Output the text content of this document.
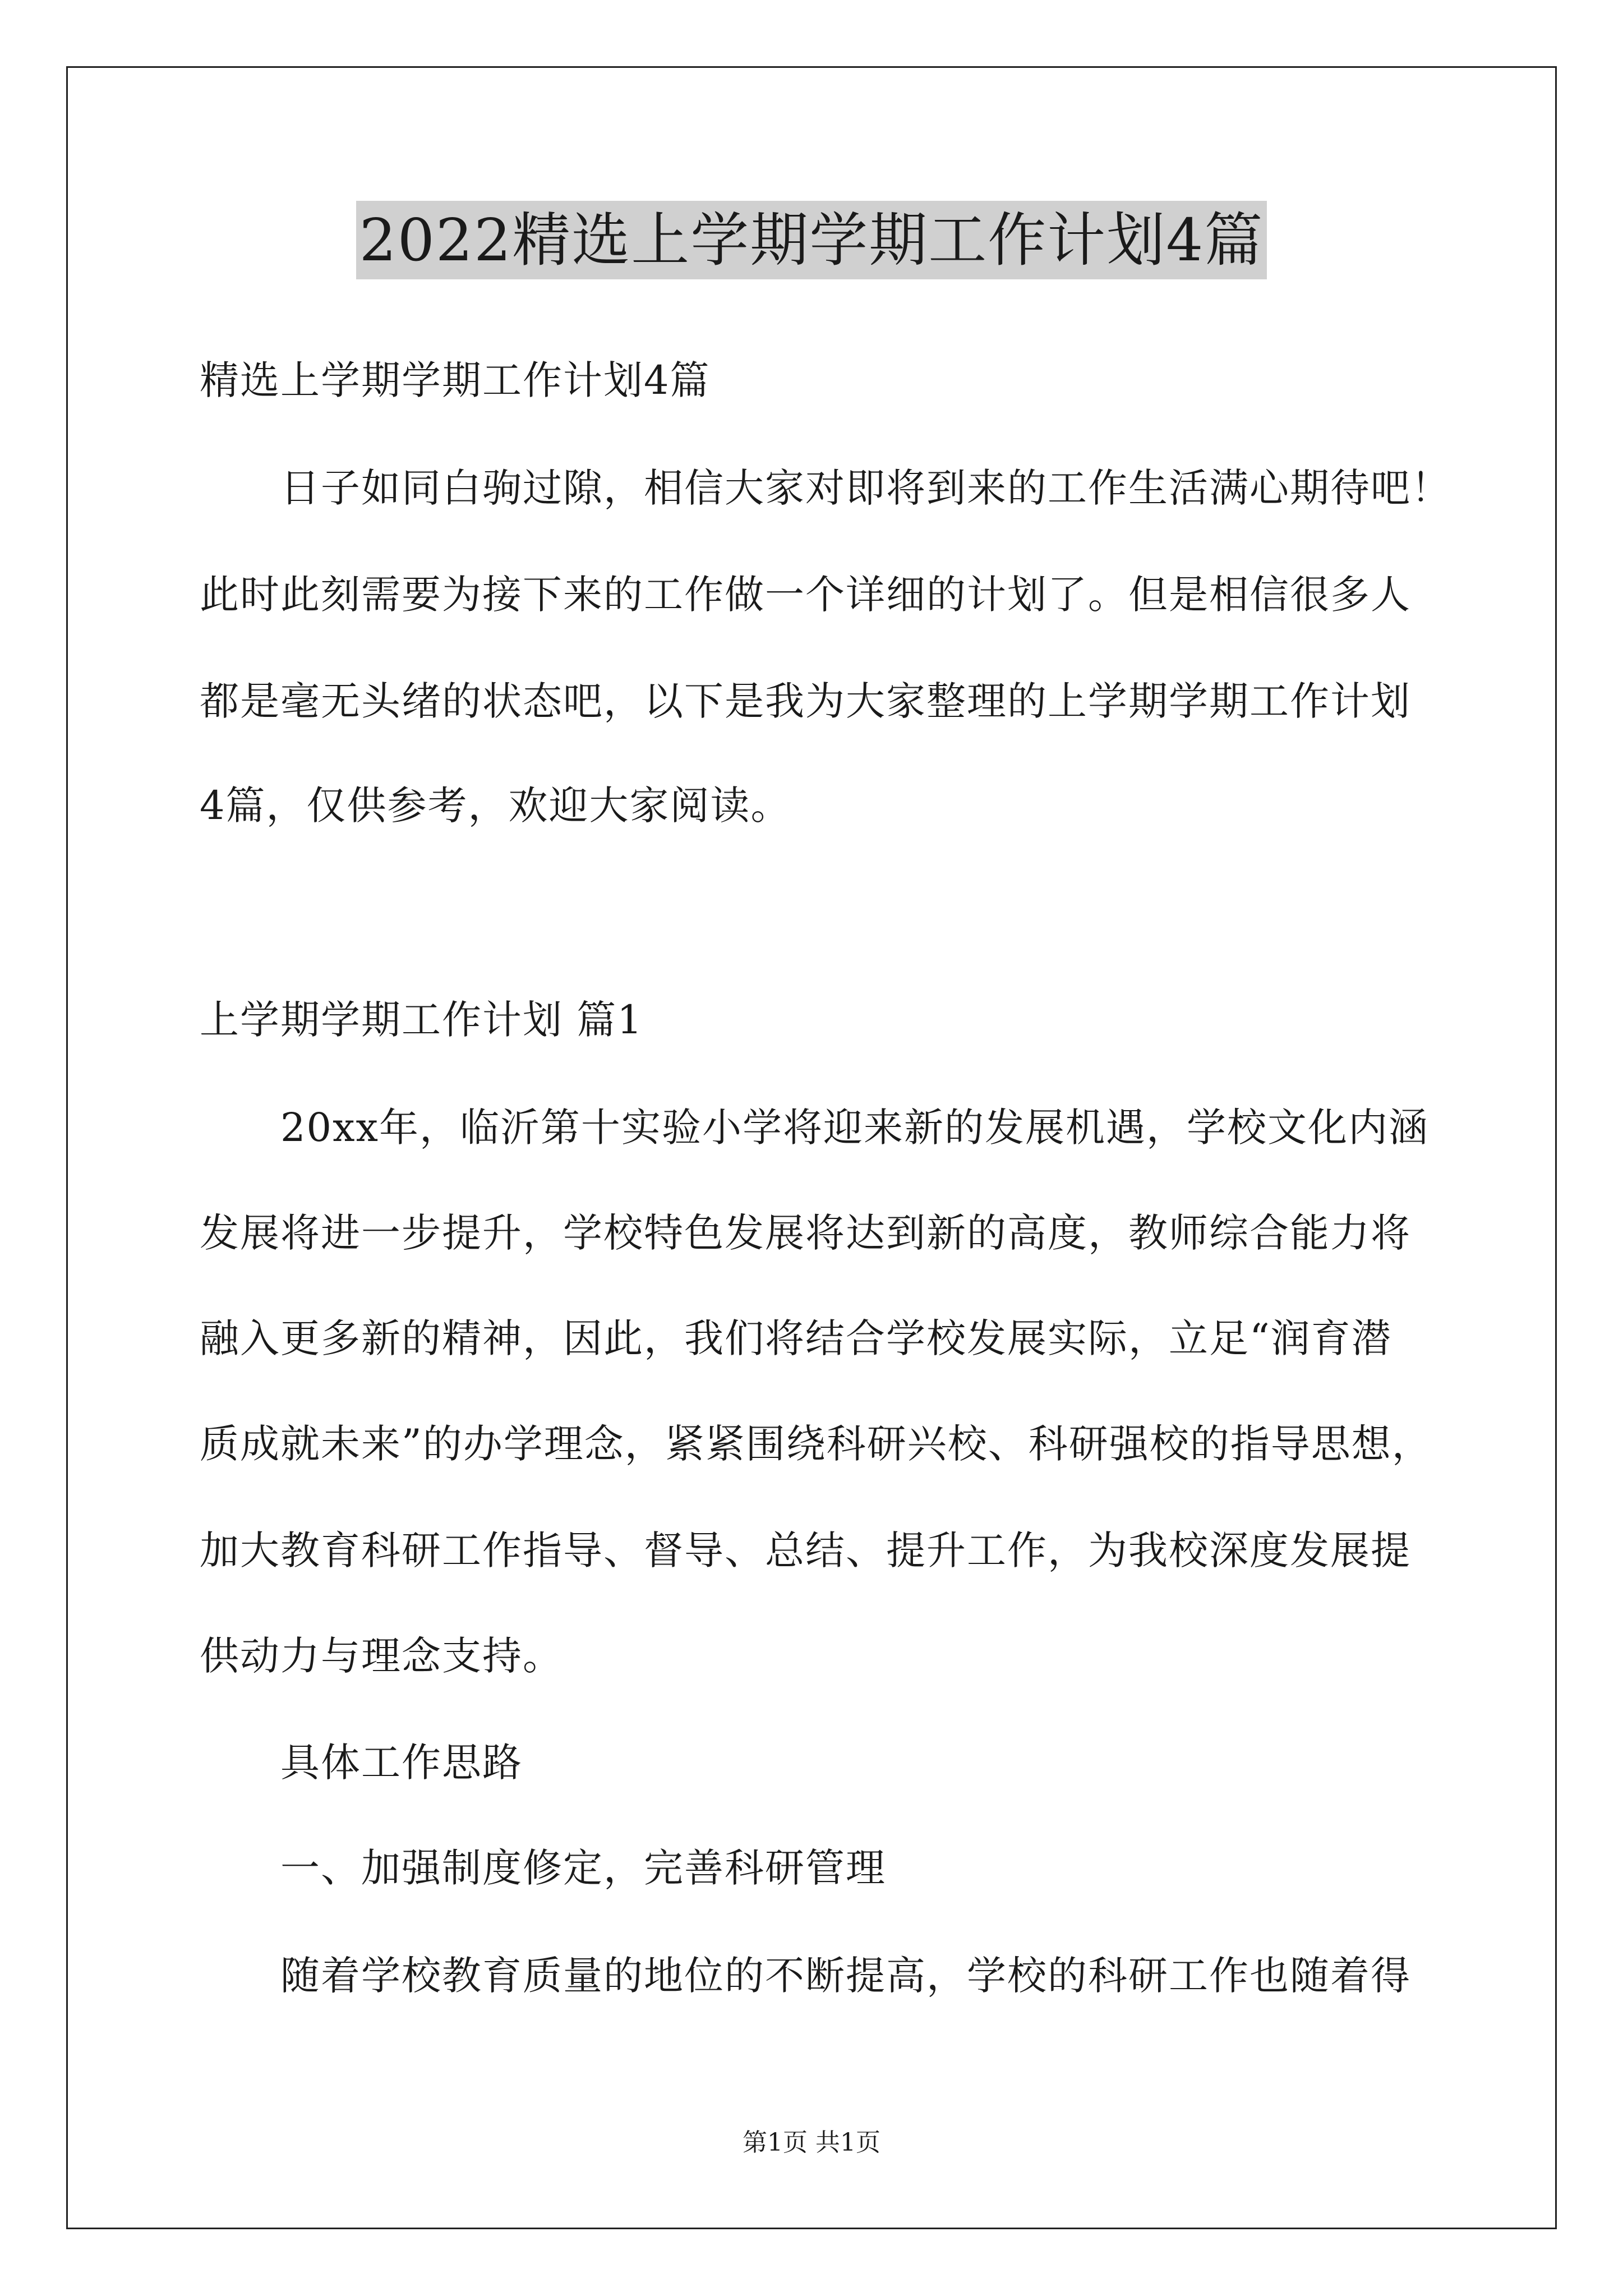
2022精选上学期学期工作计划4篇
精选上学期学期工作计划4篇
日子如同白驹过隙，相信大家对即将到来的工作生活满心期待吧！
此时此刻需要为接下来的工作做一个详细的计划了。但是相信很多人
都是毫无头绪的状态吧，以下是我为大家整理的上学期学期工作计划
4篇，仅供参考，欢迎大家阅读。
上学期学期工作计划 篇1
20xx年，临沂第十实验小学将迎来新的发展机遇，学校文化内涵
发展将进一步提升，学校特色发展将达到新的高度，教师综合能力将
融入更多新的精神，因此，我们将结合学校发展实际，立足“润育潜
质成就未来”的办学理念，紧紧围绕科研兴校、科研强校的指导思想，
加大教育科研工作指导、督导、总结、提升工作，为我校深度发展提
供动力与理念支持。
具体工作思路
一、加强制度修定，完善科研管理
随着学校教育质量的地位的不断提高，学校的科研工作也随着得
第1页 共1页
